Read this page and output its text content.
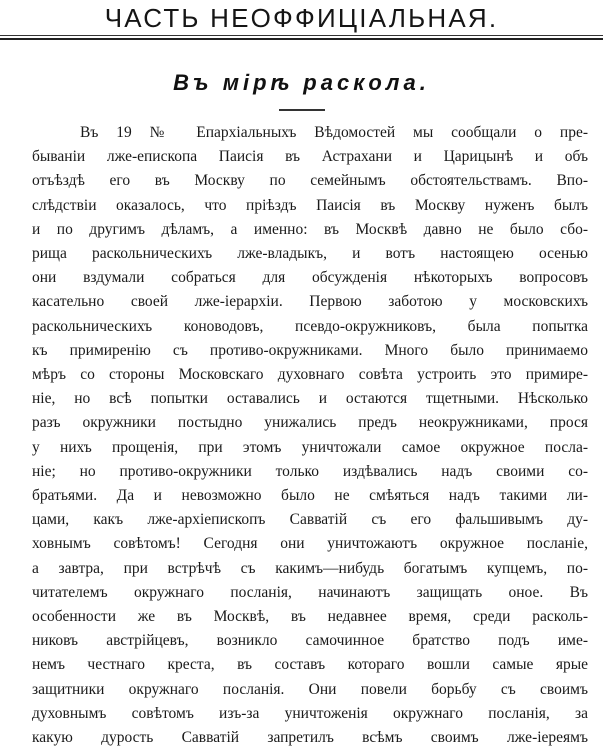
ЧАСТЬ НЕОФФИЦІАЛЬНАЯ.
Въ мірѣ раскола.
Въ 19 № Епархіальныхъ Вѣдомостей мы сообщали о пре-
бываніи лже-епископа Паисія въ Астрахани и Царицынѣ и объ
отъѣздѣ его въ Москву по семейнымъ обстоятельствамъ. Впо-
слѣдствіи оказалось, что пріѣздъ Паисія въ Москву нуженъ былъ
и по другимъ дѣламъ, а именно: въ Москвѣ давно не было сбо-
рища раскольническихъ лже-владыкъ, и вотъ настоящею осенью
они вздумали собраться для обсужденія нѣкоторыхъ вопросовъ
касательно своей лже-іерархіи. Первою заботою у московскихъ
раскольническихъ коноводовъ, псевдо-окружниковъ, была попытка
къ примиренію съ противо-окружниками. Много было принимаемо
мѣръ со стороны Московскаго духовнаго совѣта устроить это примире-
ніе, но всѣ попытки оставались и остаются тщетными. Нѣсколько
разъ окружники постыдно унижались предъ неокружниками, прося
у нихъ прощенія, при этомъ уничтожали самое окружное посла-
ніе; но противо-окружники только издѣвались надъ своими со-
братьями. Да и невозможно было не смѣяться надъ такими ли-
цами, какъ лже-архіепископъ Савватій съ его фальшивымъ ду-
ховнымъ совѣтомъ! Сегодня они уничтожаютъ окружное посланіе,
а завтра, при встрѣчѣ съ какимъ—нибудь богатымъ купцемъ, по-
читателемъ окружнаго посланія, начинаютъ защищать оное. Въ
особенности же въ Москвѣ, въ недавнее время, среди расколь-
никовъ австрійцевъ, возникло самочинное братство подъ име-
немъ честнаго креста, въ составъ котораго вошли самые ярые
защитники окружнаго посланія. Они повели борьбу съ своимъ
духовнымъ совѣтомъ изъ-за уничтоженія окружнаго посланія, за
какую дурость Савватій запретилъ всѣмъ своимъ лже-іереямъ
